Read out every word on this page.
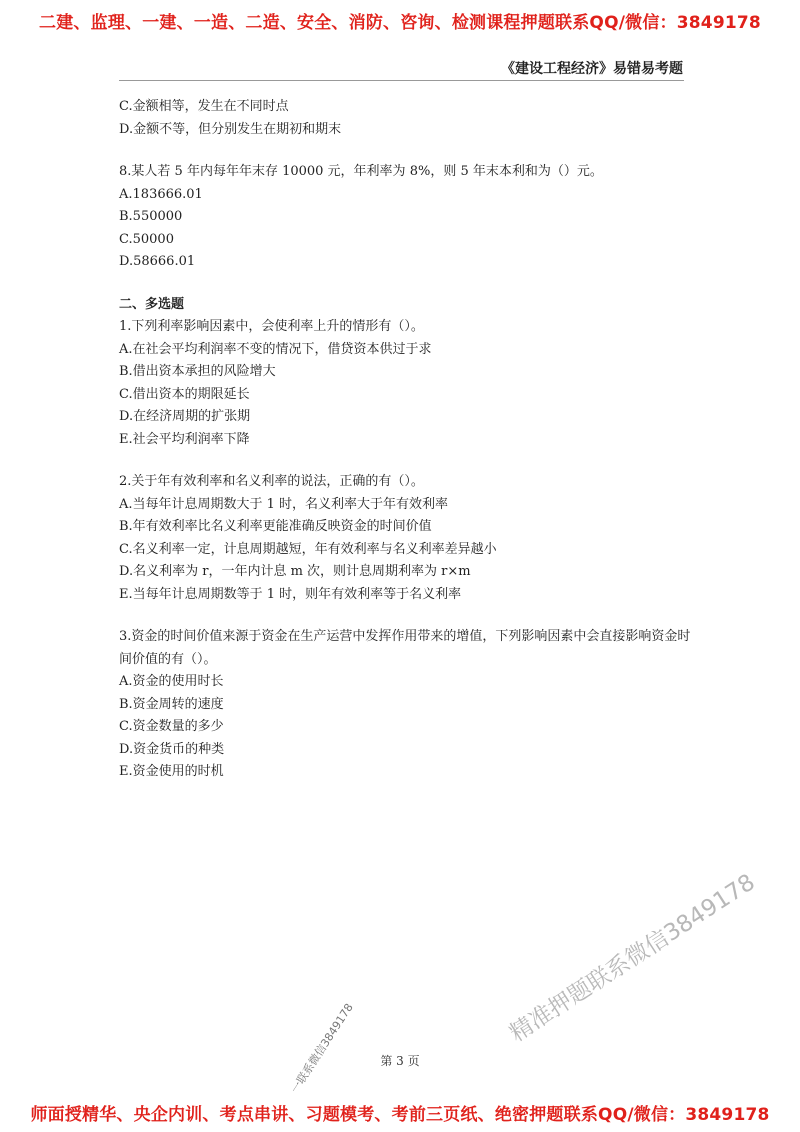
二建、监理、一建、一造、二造、安全、消防、咨询、检测课程押题联系QQ/微信：3849178
《建设工程经济》易错易考题
C.金额相等，发生在不同时点
D.金额不等，但分别发生在期初和期末
8.某人若 5 年内每年年末存 10000 元，年利率为 8%，则 5 年末本利和为（）元。
A.183666.01
B.550000
C.50000
D.58666.01
二、多选题
1.下列利率影响因素中，会使利率上升的情形有（）。
A.在社会平均利润率不变的情况下，借贷资本供过于求
B.借出资本承担的风险增大
C.借出资本的期限延长
D.在经济周期的扩张期
E.社会平均利润率下降
2.关于年有效利率和名义利率的说法，正确的有（）。
A.当每年计息周期数大于 1 时，名义利率大于年有效利率
B.年有效利率比名义利率更能准确反映资金的时间价值
C.名义利率一定，计息周期越短，年有效利率与名义利率差异越小
D.名义利率为 r，一年内计息 m 次，则计息周期利率为 r×m
E.当每年计息周期数等于 1 时，则年有效利率等于名义利率
3.资金的时间价值来源于资金在生产运营中发挥作用带来的增值，下列影响因素中会直接影响资金时间价值的有（）。
A.资金的使用时长
B.资金周转的速度
C.资金数量的多少
D.资金货币的种类
E.资金使用的时机
精准押题联系微信3849178
一联系微信3849178	第 3 页
师面授精华、央企内训、考点串讲、习题模考、考前三页纸、绝密押题联系QQ/微信：3849178
